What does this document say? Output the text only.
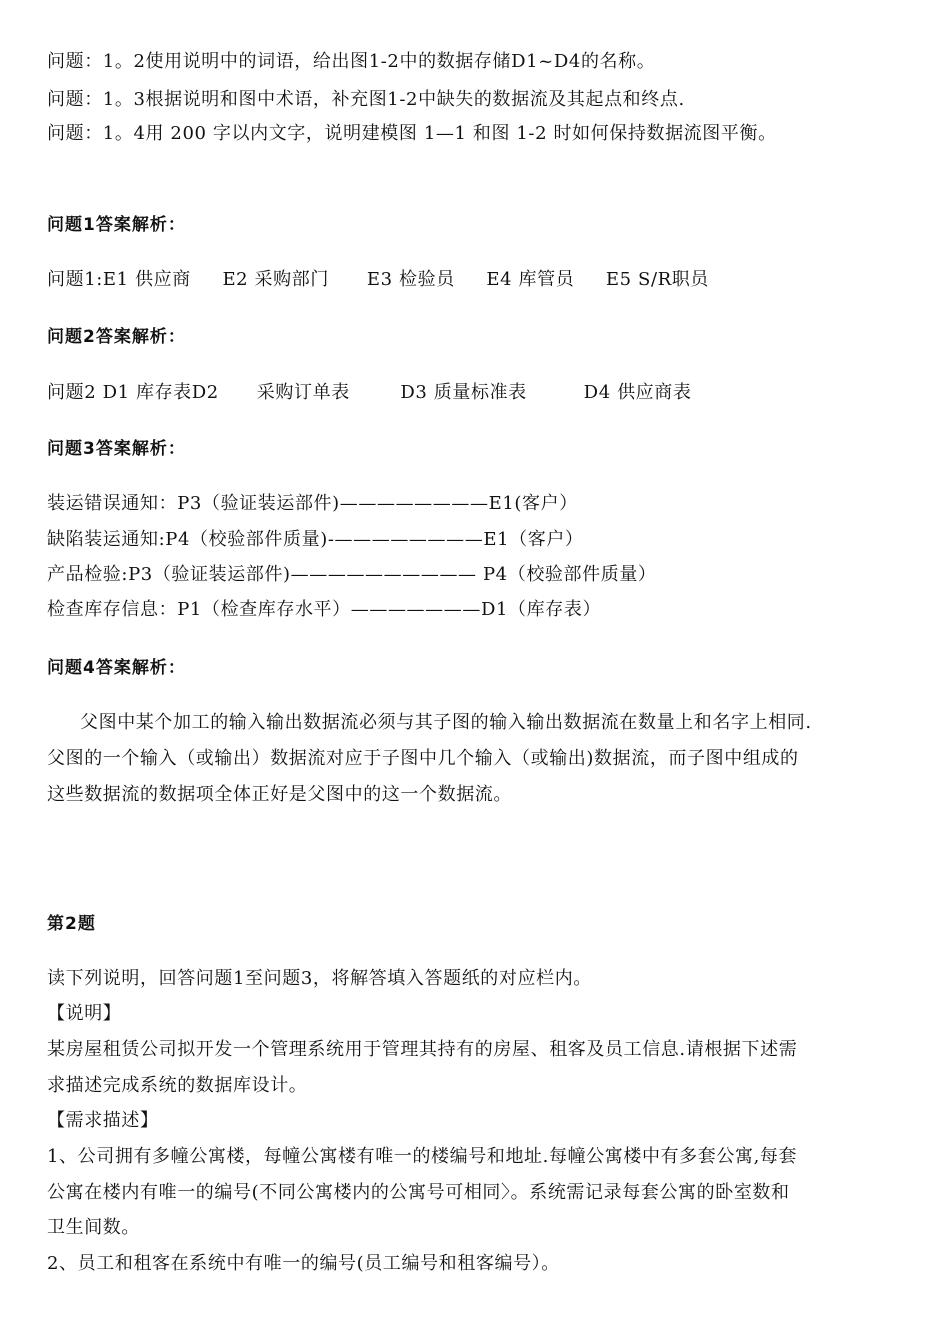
问题：1。2使用说明中的词语，给出图1-2中的数据存储D1~D4的名称。
问题：1。3根据说明和图中术语，补充图1-2中缺失的数据流及其起点和终点.
问题：1。4用 200 字以内文字，说明建模图 1—1 和图 1-2 时如何保持数据流图平衡。
问题1答案解析：
问题1:E1 供应商     E2 采购部门      E3 检验员     E4 库管员     E5 S/R职员
问题2答案解析：
问题2 D1 库存表D2      采购订单表        D3 质量标准表         D4 供应商表
问题3答案解析：
装运错误通知：P3（验证装运部件)————————E1(客户）
缺陷装运通知:P4（校验部件质量)-————————E1（客户）
产品检验:P3（验证装运部件)—————————— P4（校验部件质量）
检查库存信息：P1（检查库存水平）———————D1（库存表）
问题4答案解析：
父图中某个加工的输入输出数据流必须与其子图的输入输出数据流在数量上和名字上相同.
父图的一个输入（或输出）数据流对应于子图中几个输入（或输出)数据流，而子图中组成的
这些数据流的数据项全体正好是父图中的这一个数据流。
第2题
读下列说明，回答问题1至问题3，将解答填入答题纸的对应栏内。
【说明】
某房屋租赁公司拟开发一个管理系统用于管理其持有的房屋、租客及员工信息.请根据下述需
求描述完成系统的数据库设计。
【需求描述】
1、公司拥有多幢公寓楼，每幢公寓楼有唯一的楼编号和地址.每幢公寓楼中有多套公寓,每套
公寓在楼内有唯一的编号(不同公寓楼内的公寓号可相同〉。系统需记录每套公寓的卧室数和
卫生间数。
2、员工和租客在系统中有唯一的编号(员工编号和租客编号）。
